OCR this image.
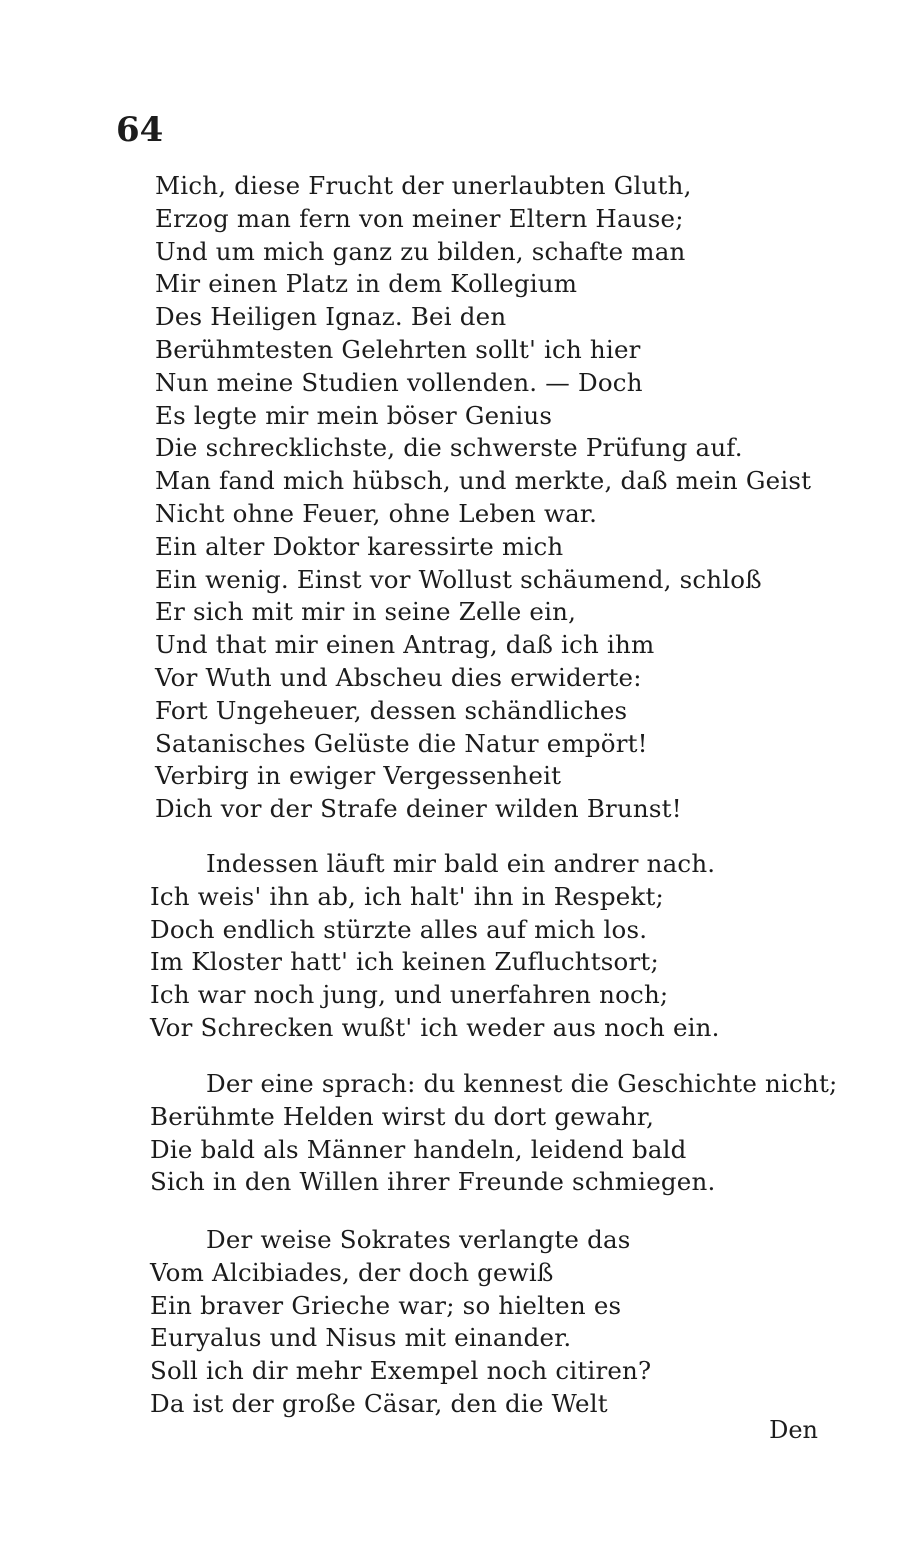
64
Mich, diese Frucht der unerlaubten Gluth,
Erzog man fern von meiner Eltern Hause;
Und um mich ganz zu bilden, schafte man
Mir einen Platz in dem Kollegium
Des Heiligen Ignaz. Bei den
Berühmtesten Gelehrten sollt' ich hier
Nun meine Studien vollenden. — Doch
Es legte mir mein böser Genius
Die schrecklichste, die schwerste Prüfung auf.
Man fand mich hübsch, und merkte, daß mein Geist
Nicht ohne Feuer, ohne Leben war.
Ein alter Doktor karessirte mich
Ein wenig. Einst vor Wollust schäumend, schloß
Er sich mit mir in seine Zelle ein,
Und that mir einen Antrag, daß ich ihm
Vor Wuth und Abscheu dies erwiderte:
Fort Ungeheuer, dessen schändliches
Satanisches Gelüste die Natur empört!
Verbirg in ewiger Vergessenheit
Dich vor der Strafe deiner wilden Brunst!
Indessen läuft mir bald ein andrer nach.
Ich weis' ihn ab, ich halt' ihn in Respekt;
Doch endlich stürzte alles auf mich los.
Im Kloster hatt' ich keinen Zufluchtsort;
Ich war noch jung, und unerfahren noch;
Vor Schrecken wußt' ich weder aus noch ein.
Der eine sprach: du kennest die Geschichte nicht;
Berühmte Helden wirst du dort gewahr,
Die bald als Männer handeln, leidend bald
Sich in den Willen ihrer Freunde schmiegen.
Der weise Sokrates verlangte das
Vom Alcibiades, der doch gewiß
Ein braver Grieche war; so hielten es
Euryalus und Nisus mit einander.
Soll ich dir mehr Exempel noch citiren?
Da ist der große Cäsar, den die Welt
Den
